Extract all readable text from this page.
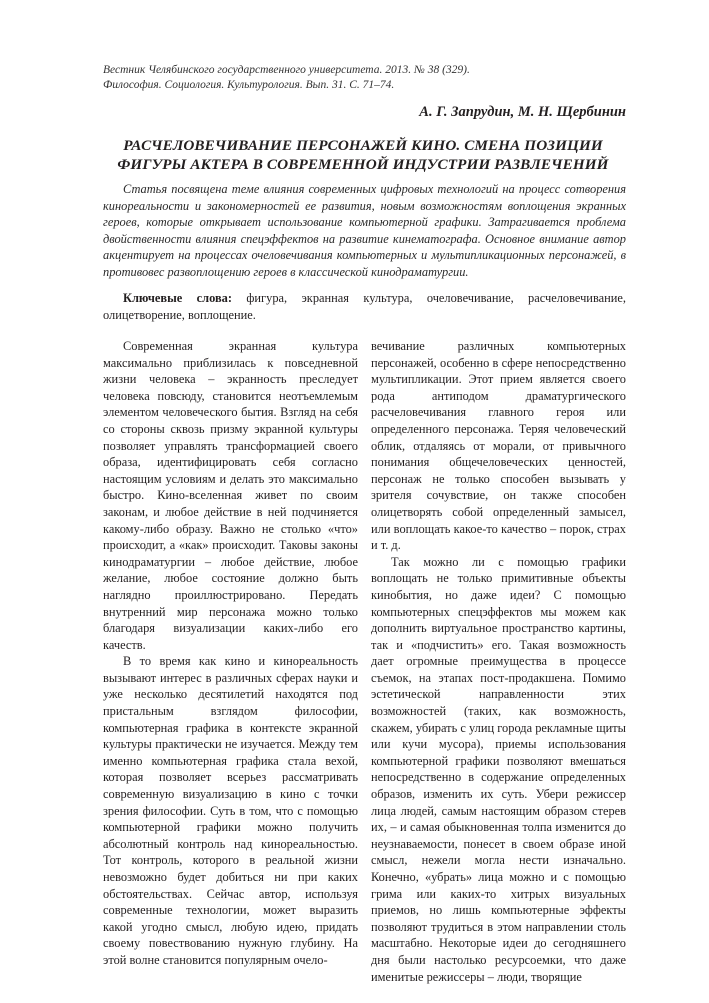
Вестник Челябинского государственного университета. 2013. № 38 (329).
Философия. Социология. Культурология. Вып. 31. С. 71–74.
А. Г. Запрудин, М. Н. Щербинин
РАСЧЕЛОВЕЧИВАНИЕ ПЕРСОНАЖЕЙ КИНО. СМЕНА ПОЗИЦИИ
ФИГУРЫ АКТЕРА В СОВРЕМЕННОЙ ИНДУСТРИИ РАЗВЛЕЧЕНИЙ

Статья посвящена теме влияния современных цифровых технологий на процесс сотворения кинореальности и закономерностей ее развития, новым возможностям воплощения экранных героев, которые открывает использование компьютерной графики. Затрагивается проблема двойственности влияния спецэффектов на развитие кинематографа. Основное внимание автор акцентирует на процессах очеловечивания компьютерных и мультипликационных персонажей, в противовес развоплощению героев в классической кинодраматургии.

Ключевые слова: фигура, экранная культура, очеловечивание, расчеловечивание, олицетворение, воплощение.

Современная экранная культура максимально приблизилась к повседневной жизни человека – экранность преследует человека повсюду, становится неотъемлемым элементом человеческого бытия. Взгляд на себя со стороны сквозь призму экранной культуры позволяет управлять трансформацией своего образа, идентифицировать себя согласно настоящим условиям и делать это максимально быстро. Кино-вселенная живет по своим законам, и любое действие в ней подчиняется какому-либо образу. Важно не столько «что» происходит, а «как» происходит. Таковы законы кинодраматургии – любое действие, любое желание, любое состояние должно быть наглядно проиллюстрировано. Передать внутренний мир персонажа можно только благодаря визуализации каких-либо его качеств.

В то время как кино и кинореальность вызывают интерес в различных сферах науки и уже несколько десятилетий находятся под пристальным взглядом философии, компьютерная графика в контексте экранной культуры практически не изучается. Между тем именно компьютерная графика стала вехой, которая позволяет всерьез рассматривать современную визуализацию в кино с точки зрения философии. Суть в том, что с помощью компьютерной графики можно получить абсолютный контроль над кинореальностью. Тот контроль, которого в реальной жизни невозможно будет добиться ни при каких обстоятельствах. Сейчас автор, используя современные технологии, может выразить какой угодно смысл, любую идею, придать своему повествованию нужную глубину. На этой волне становится популярным очело-

вечивание различных компьютерных персонажей, особенно в сфере непосредственно мультипликации. Этот прием является своего рода антиподом драматургического расчеловечивания главного героя или определенного персонажа. Теряя человеческий облик, отдаляясь от морали, от привычного понимания общечеловеческих ценностей, персонаж не только способен вызывать у зрителя сочувствие, он также способен олицетворять собой определенный замысел, или воплощать какое-то качество – порок, страх и т. д.

Так можно ли с помощью графики воплощать не только примитивные объекты кинобытия, но даже идеи? С помощью компьютерных спецэффектов мы можем как дополнить виртуальное пространство картины, так и «подчистить» его. Такая возможность дает огромные преимущества в процессе съемок, на этапах пост-продакшена. Помимо эстетической направленности этих возможностей (таких, как возможность, скажем, убирать с улиц города рекламные щиты или кучи мусора), приемы использования компьютерной графики позволяют вмешаться непосредственно в содержание определенных образов, изменить их суть. Убери режиссер лица людей, самым настоящим образом стерев их, – и самая обыкновенная толпа изменится до неузнаваемости, понесет в своем образе иной смысл, нежели могла нести изначально. Конечно, «убрать» лица можно и с помощью грима или каких-то хитрых визуальных приемов, но лишь компьютерные эффекты позволяют трудиться в этом направлении столь масштабно. Некоторые идеи до сегодняшнего дня были настолько ресурсоемки, что даже именитые режиссеры – люди, творящие
